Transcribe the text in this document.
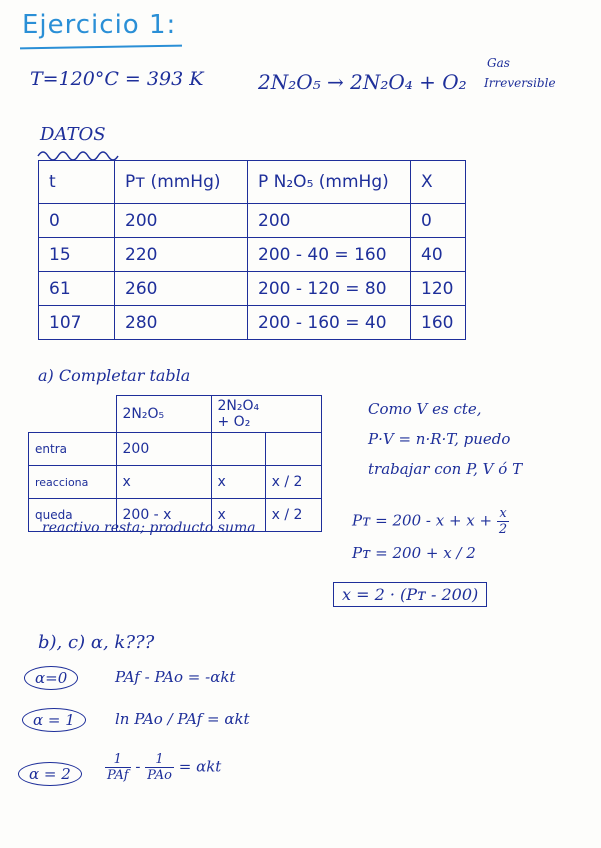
Ejercicio 1:
T=120°C = 393 K	2N₂O₅ → 2N₂O₄ + O₂
Gas
Irreversible
DATOS
t	Pᴛ (mmHg)	P N₂O₅ (mmHg)	X
0	200	200	0
15	220	200 - 40 = 160	40
61	260	200 - 120 = 80	120
107	280	200 - 160 = 40	160
a) Completar tabla
	2N₂O₅	2N₂O₄ + O₂	
entra	200		
reacciona	x	x	x / 2
queda	200 - x	x	x / 2
reactivo resta; producto suma
Como V es cte,
P·V = n·R·T, puedo
trabajar con P, V ó T
Pᴛ = $200 - x + x + \frac{x}{2}$
Pᴛ = 200 + x / 2
x = 2 · (Pᴛ - 200)
b), c) α, k???
α=0	PAf - PAo = -αkt
α = 1	ln PAo / PAf = αkt
α = 2	$\frac{1}{\text{PAf}} - \frac{1}{\text{PAo}} = \alpha kt$
